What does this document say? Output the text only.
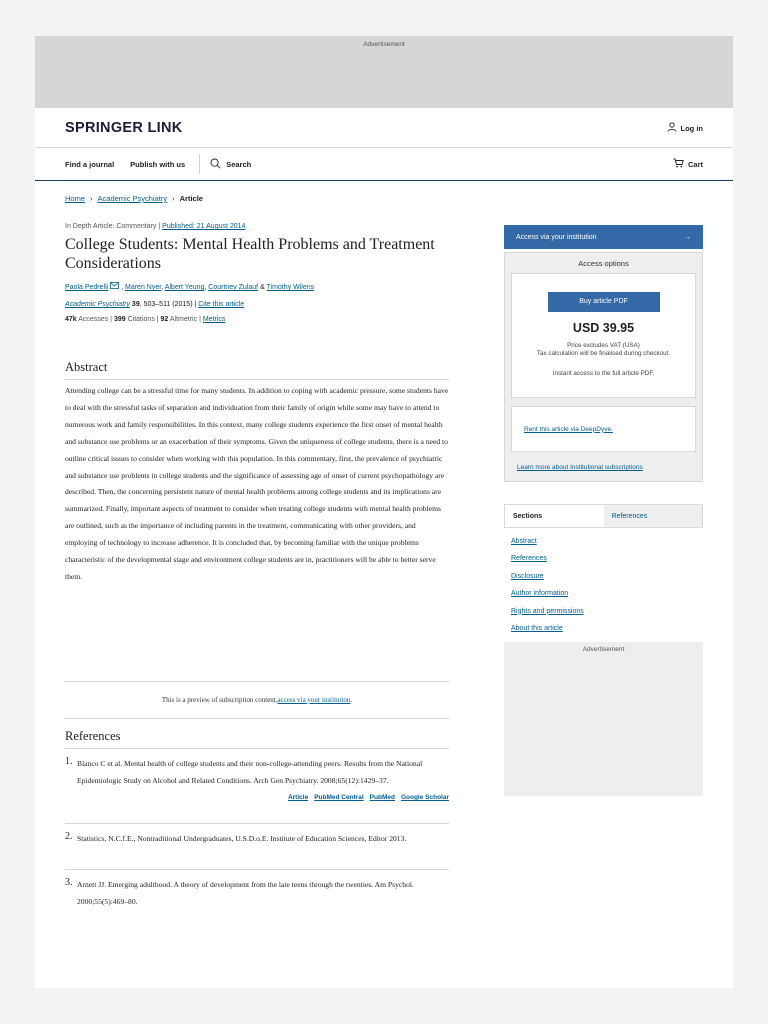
Advertisement
SPRINGER LINK	Log in
Find a journal Publish with us	Search	Cart
Home › Academic Psychiatry › Article
In Depth Article: Commentary | Published: 21 August 2014
College Students: Mental Health Problems and Treatment Considerations
Paola Pedrelli , Maren Nyer, Albert Yeung, Courtney Zulauf & Timothy Wilens
Academic Psychiatry 39, 503–511 (2015) | Cite this article
47k Accesses | 399 Citations | 92 Altmetric | Metrics
Abstract
Attending college can be a stressful time for many students. In addition to coping with academic pressure, some students have to deal with the stressful tasks of separation and individuation from their family of origin while some may have to attend to numerous work and family responsibilities. In this context, many college students experience the first onset of mental health and substance use problems or an exacerbation of their symptoms. Given the uniqueness of college students, there is a need to outline critical issues to consider when working with this population. In this commentary, first, the prevalence of psychiatric and substance use problems in college students and the significance of assessing age of onset of current psychopathology are described. Then, the concerning persistent nature of mental health problems among college students and its implications are summarized. Finally, important aspects of treatment to consider when treating college students with mental health problems are outlined, such as the importance of including parents in the treatment, communicating with other providers, and employing of technology to increase adherence. It is concluded that, by becoming familiar with the unique problems characteristic of the developmental stage and environment college students are in, practitioners will be able to better serve them.
This is a preview of subscription content, access via your institution .
References
1. Blanco C et al. Mental health of college students and their non-college-attending peers: Results from the National Epidemiologic Study on Alcohol and Related Conditions. Arch Gen Psychiatry. 2008;65(12):1429–37.
Article PubMed Central PubMed Google Scholar
2. Statistics, N.C.f.E., Nontraditional Undergraduates, U.S.D.o.E. Institute of Education Sciences, Editor 2013.
3. Arnett JJ. Emerging adulthood. A theory of development from the late teens through the twenties. Am Psychol. 2000;55(5):469–80.
Access via your institution	→
Access options
Buy article PDF
USD 39.95
Price excludes VAT (USA)
Tax calculation will be finalised during checkout.
Instant access to the full article PDF.
Rent this article via DeepDyve.
Learn more about Institutional subscriptions
Sections	References
Abstract
References
Disclosure
Author information
Rights and permissions
About this article
Advertisement
